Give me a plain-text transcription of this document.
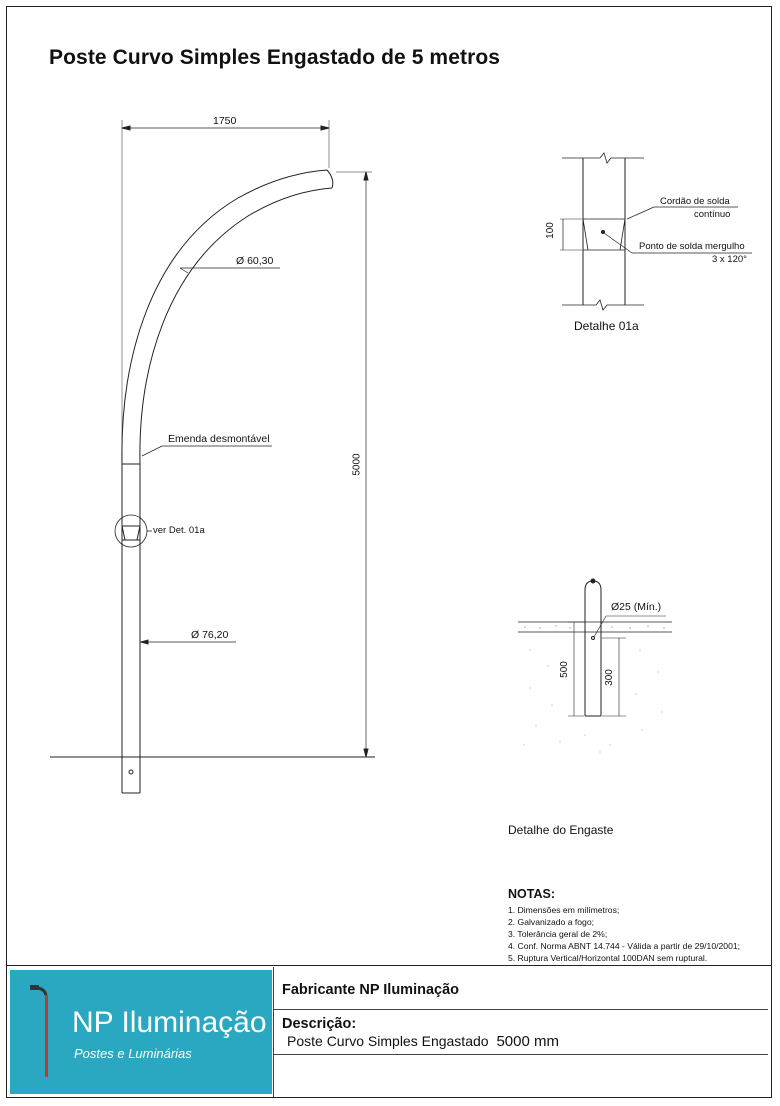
Poste Curvo Simples Engastado de 5 metros
1750
Ø 60,30
Emenda desmontável
ver Det. 01a
Ø 76,20
5000
100
Cordão de solda
contínuo
Ponto de solda mergulho
3 x 120°
Detalhe 01a
Ø25 (Mín.)
500	300
Detalhe do Engaste
NOTAS:
1. Dimensões em milímetros;
2. Galvanizado a fogo;
3. Tolerância geral de 2%;
4. Conf. Norma ABNT 14.744 - Válida a partir de 29/10/2001;
5. Ruptura Vertical/Horizontal 100DAN sem ruptural.
NP Iluminação
Postes e Luminárias
Fabricante NP Iluminação
Descrição:
Poste Curvo Simples Engastado 5000 mm
